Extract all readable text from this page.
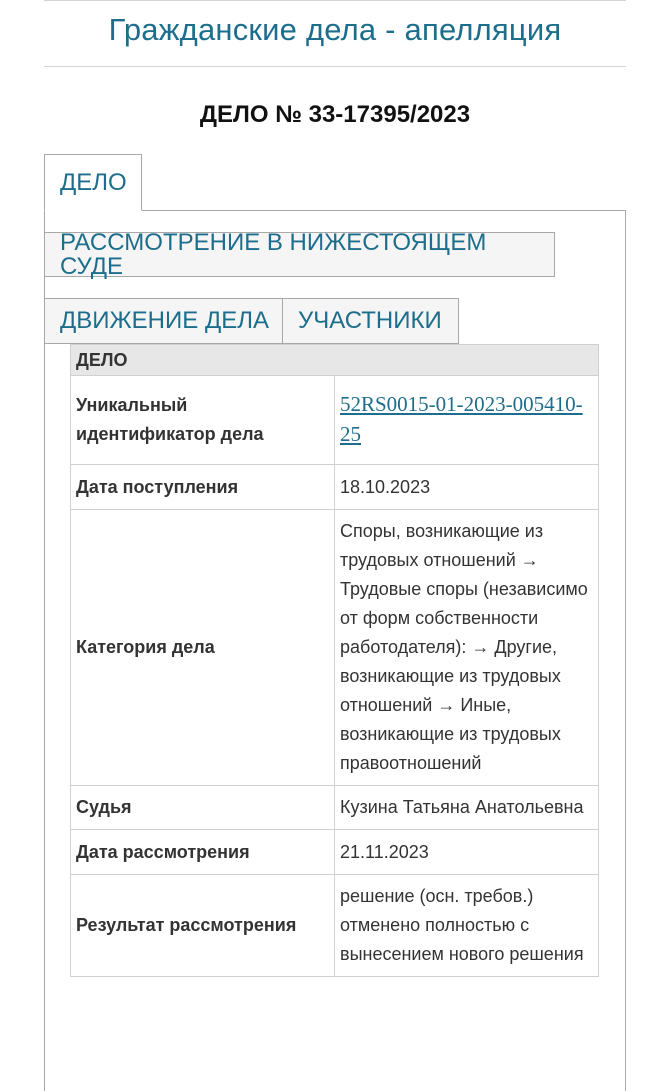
Гражданские дела - апелляция
ДЕЛО № 33-17395/2023
ДЕЛО
РАССМОТРЕНИЕ В НИЖЕСТОЯЩЕМ СУДЕ
ДВИЖЕНИЕ ДЕЛА	УЧАСТНИКИ
ДЕЛО	
Уникальный идентификатор дела	52RS0015-01-2023-005410-25
Дата поступления	18.10.2023
Категория дела	Споры, возникающие из трудовых отношений → Трудовые споры (независимо от форм собственности работодателя): → Другие, возникающие из трудовых отношений → Иные, возникающие из трудовых правоотношений
Судья	Кузина Татьяна Анатольевна
Дата рассмотрения	21.11.2023
Результат рассмотрения	решение (осн. требов.) отменено полностью с вынесением нового решения
